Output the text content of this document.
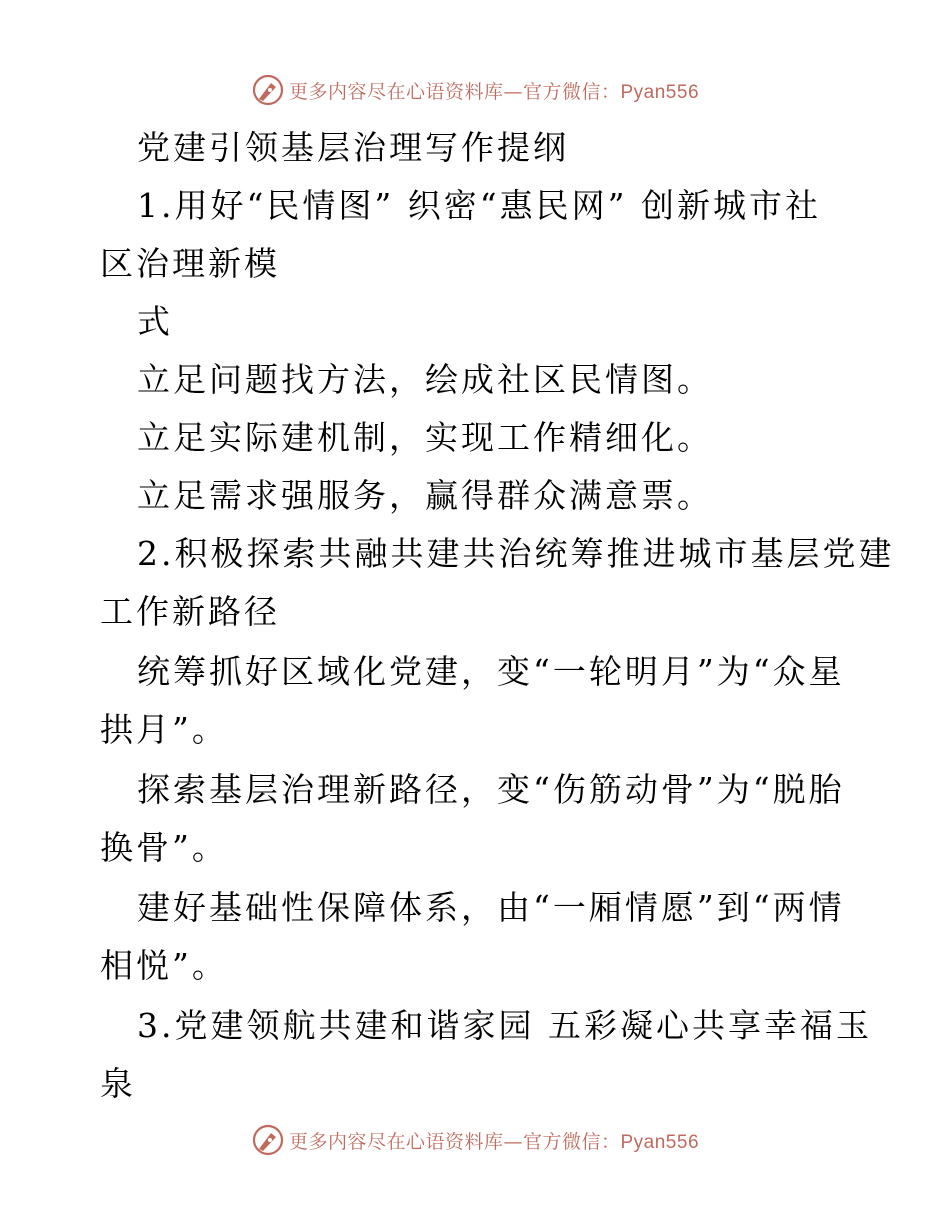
更多内容尽在心语资料库—官方微信：Pyan556
党建引领基层治理写作提纲
1.用好“民情图” 织密“惠民网” 创新城市社
区治理新模
式
立足问题找方法，绘成社区民情图。
立足实际建机制，实现工作精细化。
立足需求强服务，赢得群众满意票。
2.积极探索共融共建共治统筹推进城市基层党建
工作新路径
统筹抓好区域化党建，变“一轮明月”为“众星
拱月”。
探索基层治理新路径，变“伤筋动骨”为“脱胎
换骨”。
建好基础性保障体系，由“一厢情愿”到“两情
相悦”。
3.党建领航共建和谐家园 五彩凝心共享幸福玉
泉
更多内容尽在心语资料库—官方微信：Pyan556
